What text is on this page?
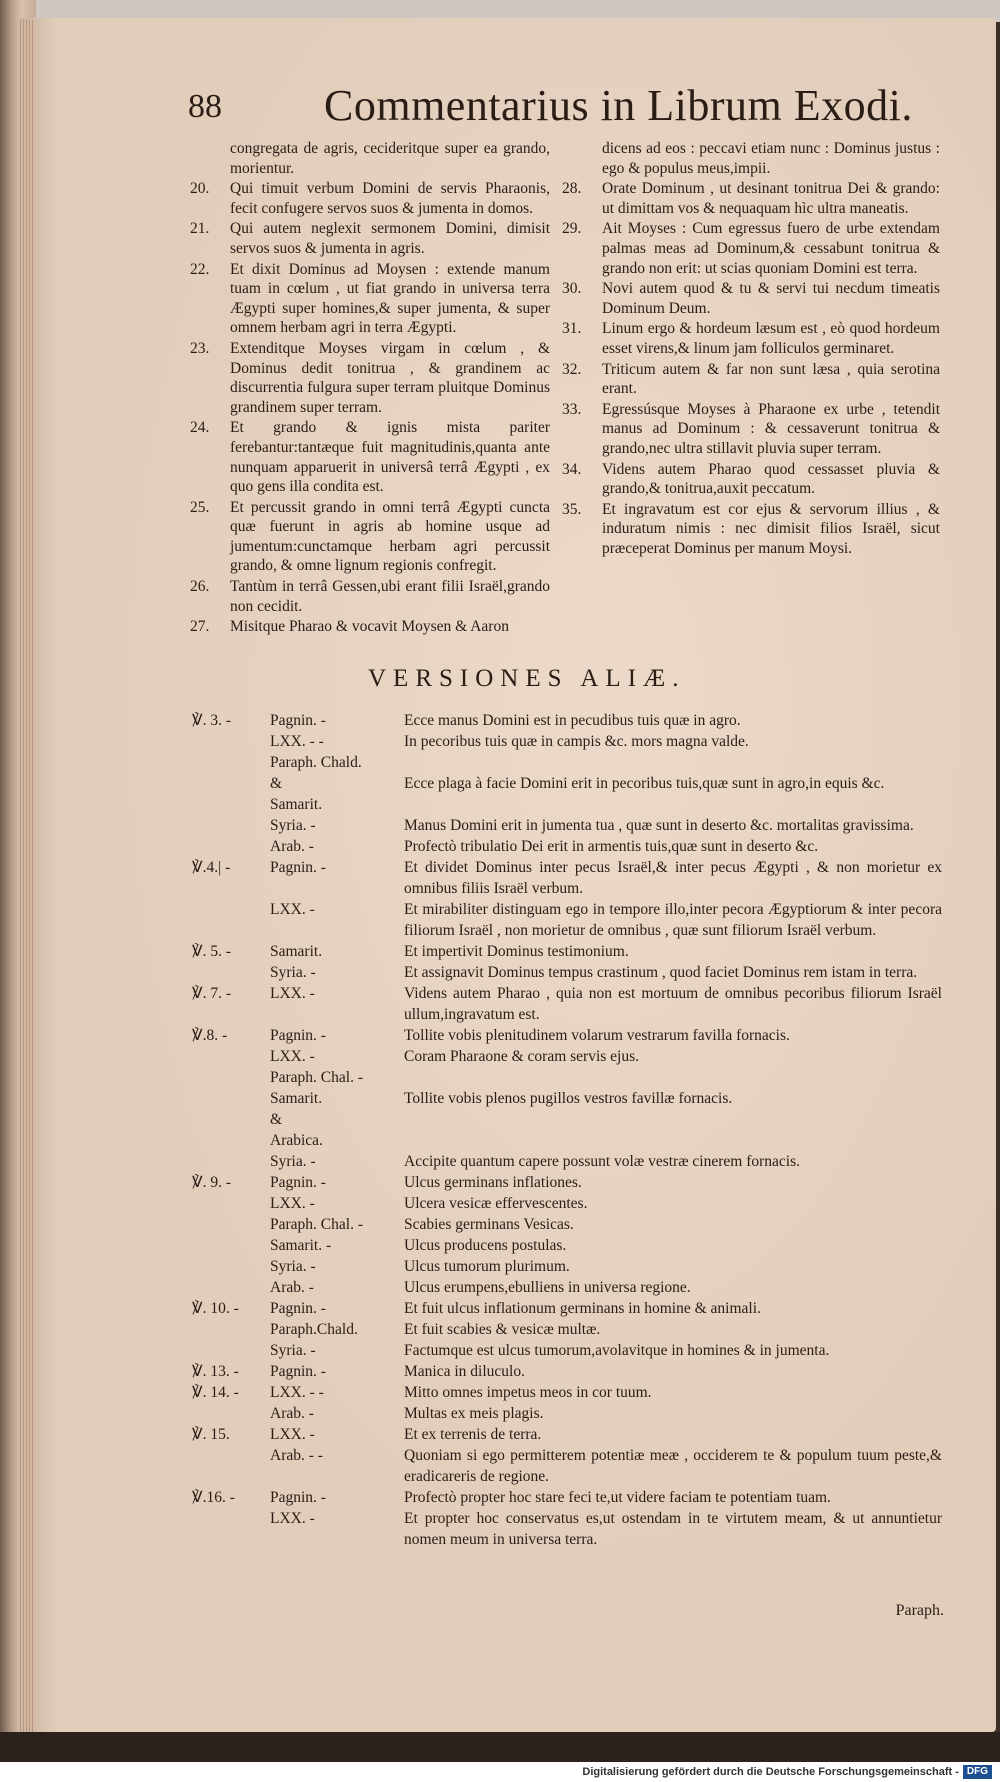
88 Commentarius in Librum Exodi.
congregata de agris, cecideritque super ea grando, morientur.
20. Qui timuit verbum Domini de servis Pharaonis, fecit confugere servos suos & jumenta in domos.
21. Qui autem neglexit sermonem Domini, dimisit servos suos & jumenta in agris.
22. Et dixit Dominus ad Moysen : extende manum tuam in cœlum , ut fiat grando in universa terra Ægypti super homines,& super jumenta, & super omnem herbam agri in terra Ægypti.
23. Extenditque Moyses virgam in cœlum , & Dominus dedit tonitrua , & grandinem ac discurrentia fulgura super terram pluitque Dominus grandinem super terram.
24. Et grando & ignis mista pariter ferebantur:tantæque fuit magnitudinis,quanta ante nunquam apparuerit in universâ terrâ Ægypti , ex quo gens illa condita est.
25. Et percussit grando in omni terrâ Ægypti cuncta quæ fuerunt in agris ab homine usque ad jumentum:cunctamque herbam agri percussit grando, & omne lignum regionis confregit.
26. Tantùm in terrâ Gessen,ubi erant filii Israël,grando non cecidit.
27. Misitque Pharao & vocavit Moysen & Aaron
dicens ad eos : peccavi etiam nunc : Dominus justus : ego & populus meus,impii.
28. Orate Dominum , ut desinant tonitrua Dei & grando: ut dimittam vos & nequaquam hìc ultra maneatis.
29. Ait Moyses : Cum egressus fuero de urbe extendam palmas meas ad Dominum,& cessabunt tonitrua & grando non erit: ut scias quoniam Domini est terra.
30. Novi autem quod & tu & servi tui necdum timeatis Dominum Deum.
31. Linum ergo & hordeum læsum est , eò quod hordeum esset virens,& linum jam folliculos germinaret.
32. Triticum autem & far non sunt læsa , quia serotina erant.
33. Egressúsque Moyses à Pharaone ex urbe , tetendit manus ad Dominum : & cessaverunt tonitrua & grando,nec ultra stillavit pluvia super terram.
34. Videns autem Pharao quod cessasset pluvia & grando,& tonitrua,auxit peccatum.
35. Et ingravatum est cor ejus & servorum illius , & induratum nimis : nec dimisit filios Israël, sicut præceperat Dominus per manum Moysi.
VERSIONES ALIÆ.
℣. 3. -	Pagnin. -	Ecce manus Domini est in pecudibus tuis quæ in agro.
LXX. - -	In pecoribus tuis quæ in campis &c. mors magna valde.
Paraph. Chald.
&	Ecce plaga à facie Domini erit in pecoribus tuis,quæ sunt in agro,in equis &c.
Samarit.
Syria. -	Manus Domini erit in jumenta tua , quæ sunt in deserto &c. mortalitas gravissima.
Arab. -	Profectò tribulatio Dei erit in armentis tuis,quæ sunt in deserto &c.
℣.4.| -	Pagnin. -	Et dividet Dominus inter pecus Israël,& inter pecus Ægypti , & non morietur ex omnibus filiis Israël verbum.
LXX. -	Et mirabiliter distinguam ego in tempore illo,inter pecora Ægyptiorum & inter pecora filiorum Israël , non morietur de omnibus , quæ sunt filiorum Israël verbum.
℣. 5. -	Samarit.	Et impertivit Dominus testimonium.
Syria. -	Et assignavit Dominus tempus crastinum , quod faciet Dominus rem istam in terra.
℣. 7. -	LXX. -	Videns autem Pharao , quia non est mortuum de omnibus pecoribus filiorum Israël ullum,ingravatum est.
℣.8. -	Pagnin. -	Tollite vobis plenitudinem volarum vestrarum favilla fornacis.
LXX. -	Coram Pharaone & coram servis ejus.
Paraph. Chal. -
Samarit.	Tollite vobis plenos pugillos vestros favillæ fornacis.
&
Arabica.
Syria. -	Accipite quantum capere possunt volæ vestræ cinerem fornacis.
℣. 9. -	Pagnin. -	Ulcus germinans inflationes.
LXX. -	Ulcera vesicæ effervescentes.
Paraph. Chal. -	Scabies germinans Vesicas.
Samarit. -	Ulcus producens postulas.
Syria. -	Ulcus tumorum plurimum.
Arab. -	Ulcus erumpens,ebulliens in universa regione.
℣. 10. -	Pagnin. -	Et fuit ulcus inflationum germinans in homine & animali.
Paraph.Chald.	Et fuit scabies & vesicæ multæ.
Syria. -	Factumque est ulcus tumorum,avolavitque in homines & in jumenta.
℣. 13. -	Pagnin. -	Manica in diluculo.
℣. 14. -	LXX. - -	Mitto omnes impetus meos in cor tuum.
Arab. -	Multas ex meis plagis.
℣. 15.	LXX. -	Et ex terrenis de terra.
Arab. - -	Quoniam si ego permitterem potentiæ meæ , occiderem te & populum tuum peste,& eradicareris de regione.
℣.16. -	Pagnin. -	Profectò propter hoc stare feci te,ut videre faciam te potentiam tuam.
LXX. -	Et propter hoc conservatus es,ut ostendam in te virtutem meam, & ut annuntietur nomen meum in universa terra.
Paraph.
Digitalisierung gefördert durch die Deutsche Forschungsgemeinschaft - DFG
